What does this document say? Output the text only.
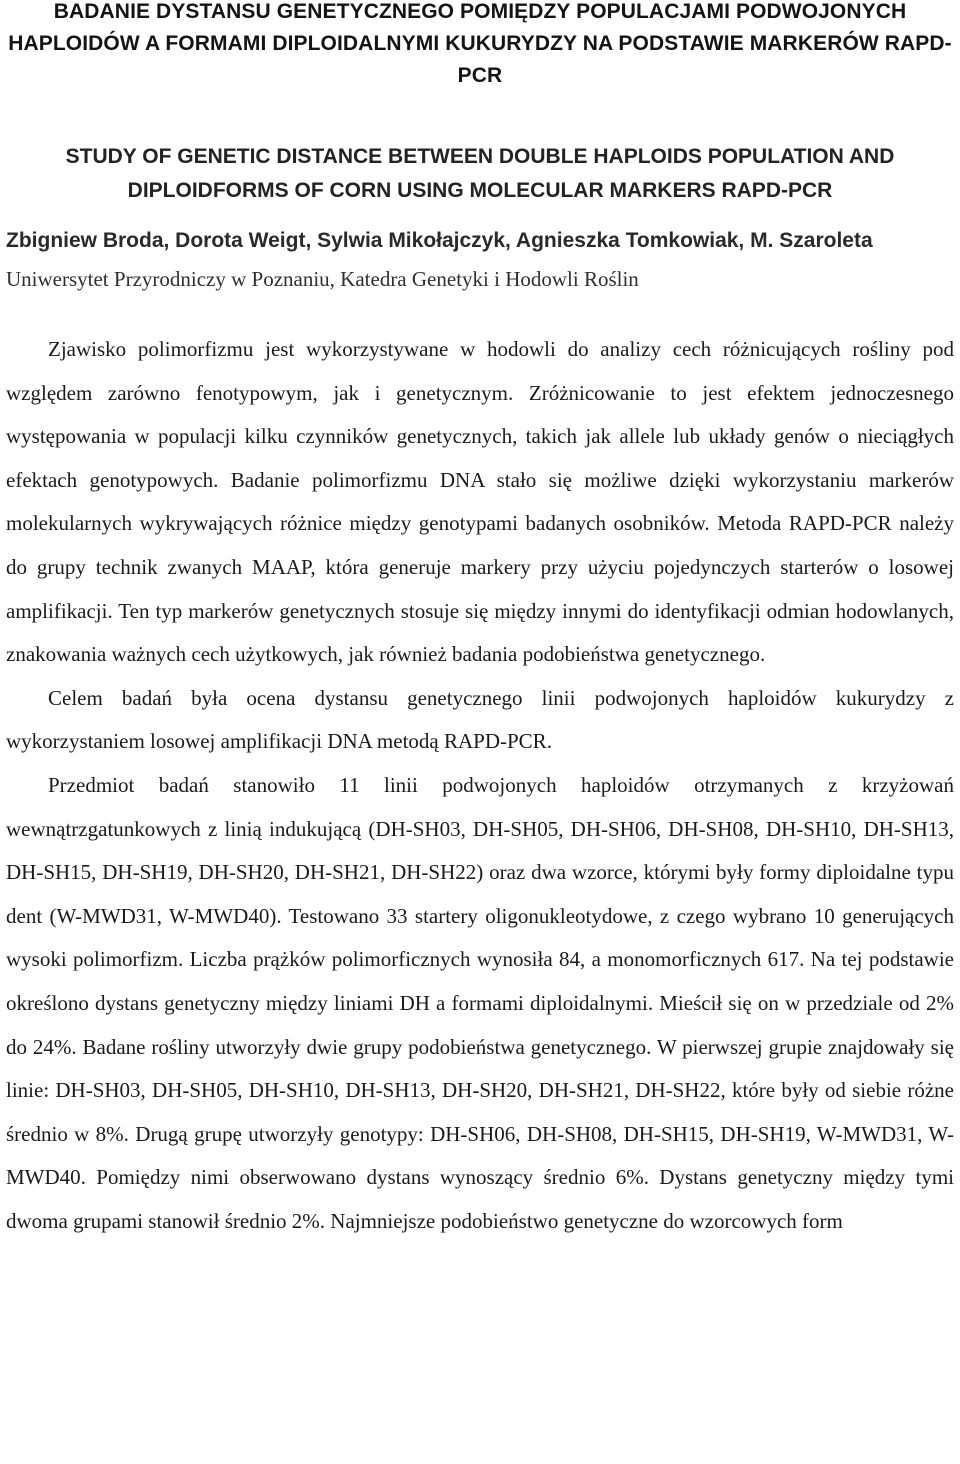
BADANIE DYSTANSU GENETYCZNEGO POMIĘDZY POPULACJAMI PODWOJONYCH HAPLOIDÓW A FORMAMI DIPLOIDALNYMI KUKURYDZY NA PODSTAWIE MARKERÓW RAPD-PCR
STUDY OF GENETIC DISTANCE BETWEEN DOUBLE HAPLOIDS POPULATION AND DIPLOIDFORMS OF CORN USING MOLECULAR MARKERS RAPD-PCR

Zbigniew Broda, Dorota Weigt, Sylwia Mikołajczyk, Agnieszka Tomkowiak, M. Szaroleta

Uniwersytet Przyrodniczy w Poznaniu, Katedra Genetyki i Hodowli Roślin

Zjawisko polimorfizmu jest wykorzystywane w hodowli do analizy cech różnicujących rośliny pod względem zarówno fenotypowym, jak i genetycznym. Zróżnicowanie to jest efektem jednoczesnego występowania w populacji kilku czynników genetycznych, takich jak allele lub układy genów o nieciągłych efektach genotypowych. Badanie polimorfizmu DNA stało się możliwe dzięki wykorzystaniu markerów molekularnych wykrywających różnice między genotypami badanych osobników. Metoda RAPD-PCR należy do grupy technik zwanych MAAP, która generuje markery przy użyciu pojedynczych starterów o losowej amplifikacji. Ten typ markerów genetycznych stosuje się między innymi do identyfikacji odmian hodowlanych, znakowania ważnych cech użytkowych, jak również badania podobieństwa genetycznego.

Celem badań była ocena dystansu genetycznego linii podwojonych haploidów kukurydzy z wykorzystaniem losowej amplifikacji DNA metodą RAPD-PCR.

Przedmiot badań stanowiło 11 linii podwojonych haploidów otrzymanych z krzyżowań wewnątrzgatunkowych z linią indukującą (DH-SH03, DH-SH05, DH-SH06, DH-SH08, DH-SH10, DH-SH13, DH-SH15, DH-SH19, DH-SH20, DH-SH21, DH-SH22) oraz dwa wzorce, którymi były formy diploidalne typu dent (W-MWD31, W-MWD40). Testowano 33 startery oligonukleotydowe, z czego wybrano 10 generujących wysoki polimorfizm. Liczba prążków polimorficznych wynosiła 84, a monomorficznych 617. Na tej podstawie określono dystans genetyczny między liniami DH a formami diploidalnymi. Mieścił się on w przedziale od 2% do 24%. Badane rośliny utworzyły dwie grupy podobieństwa genetycznego. W pierwszej grupie znajdowały się linie: DH-SH03, DH-SH05, DH-SH10, DH-SH13, DH-SH20, DH-SH21, DH-SH22, które były od siebie różne średnio w 8%. Drugą grupę utworzyły genotypy: DH-SH06, DH-SH08, DH-SH15, DH-SH19, W-MWD31, W-MWD40. Pomiędzy nimi obserwowano dystans wynoszący średnio 6%. Dystans genetyczny między tymi dwoma grupami stanowił średnio 2%. Najmniejsze podobieństwo genetyczne do wzorcowych form
